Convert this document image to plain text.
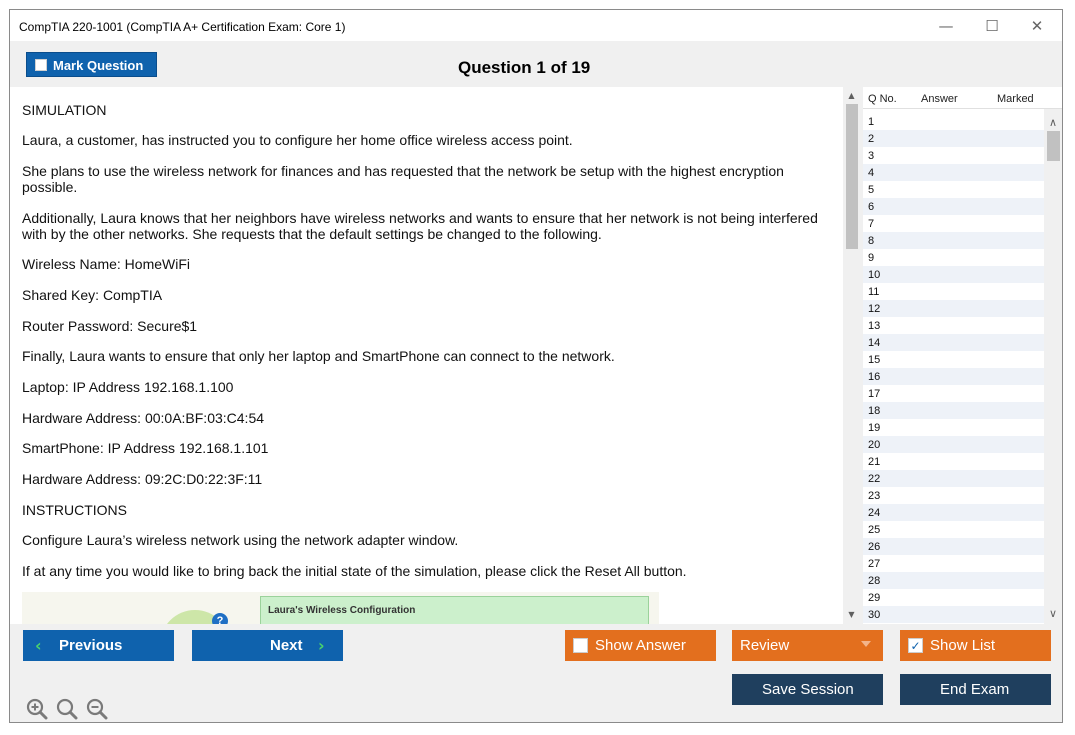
CompTIA 220-1001 (CompTIA A+ Certification Exam: Core 1)	—	☐	✕
Mark Question	Question 1 of 19

SIMULATION

Laura, a customer, has instructed you to configure her home office wireless access point.

She plans to use the wireless network for finances and has requested that the network be setup with the highest encryption possible.

Additionally, Laura knows that her neighbors have wireless networks and wants to ensure that her network is not being interfered with by the other networks. She requests that the default settings be changed to the following.

Wireless Name: HomeWiFi

Shared Key: CompTIA

Router Password: Secure$1

Finally, Laura wants to ensure that only her laptop and SmartPhone can connect to the network.

Laptop: IP Address 192.168.1.100

Hardware Address: 00:0A:BF:03:C4:54

SmartPhone: IP Address 192.168.1.101

Hardware Address: 09:2C:D0:22:3F:11

INSTRUCTIONS

Configure Laura’s wireless network using the network adapter window.

If at any time you would like to bring back the initial state of the simulation, please click the Reset All button.

?
Laura's Wireless Configuration
▲
▼
Q No. Answer	Marked
1
2
3
4
5
6
7
8
9
10
11
12
13
14
15
16
17
18
19
20
21
22
23
24
25
26
27
28
29
30
∧
∨
‹ Previous	Next ›	Show Answer	Review	✓ Show List
Save Session	End Exam
